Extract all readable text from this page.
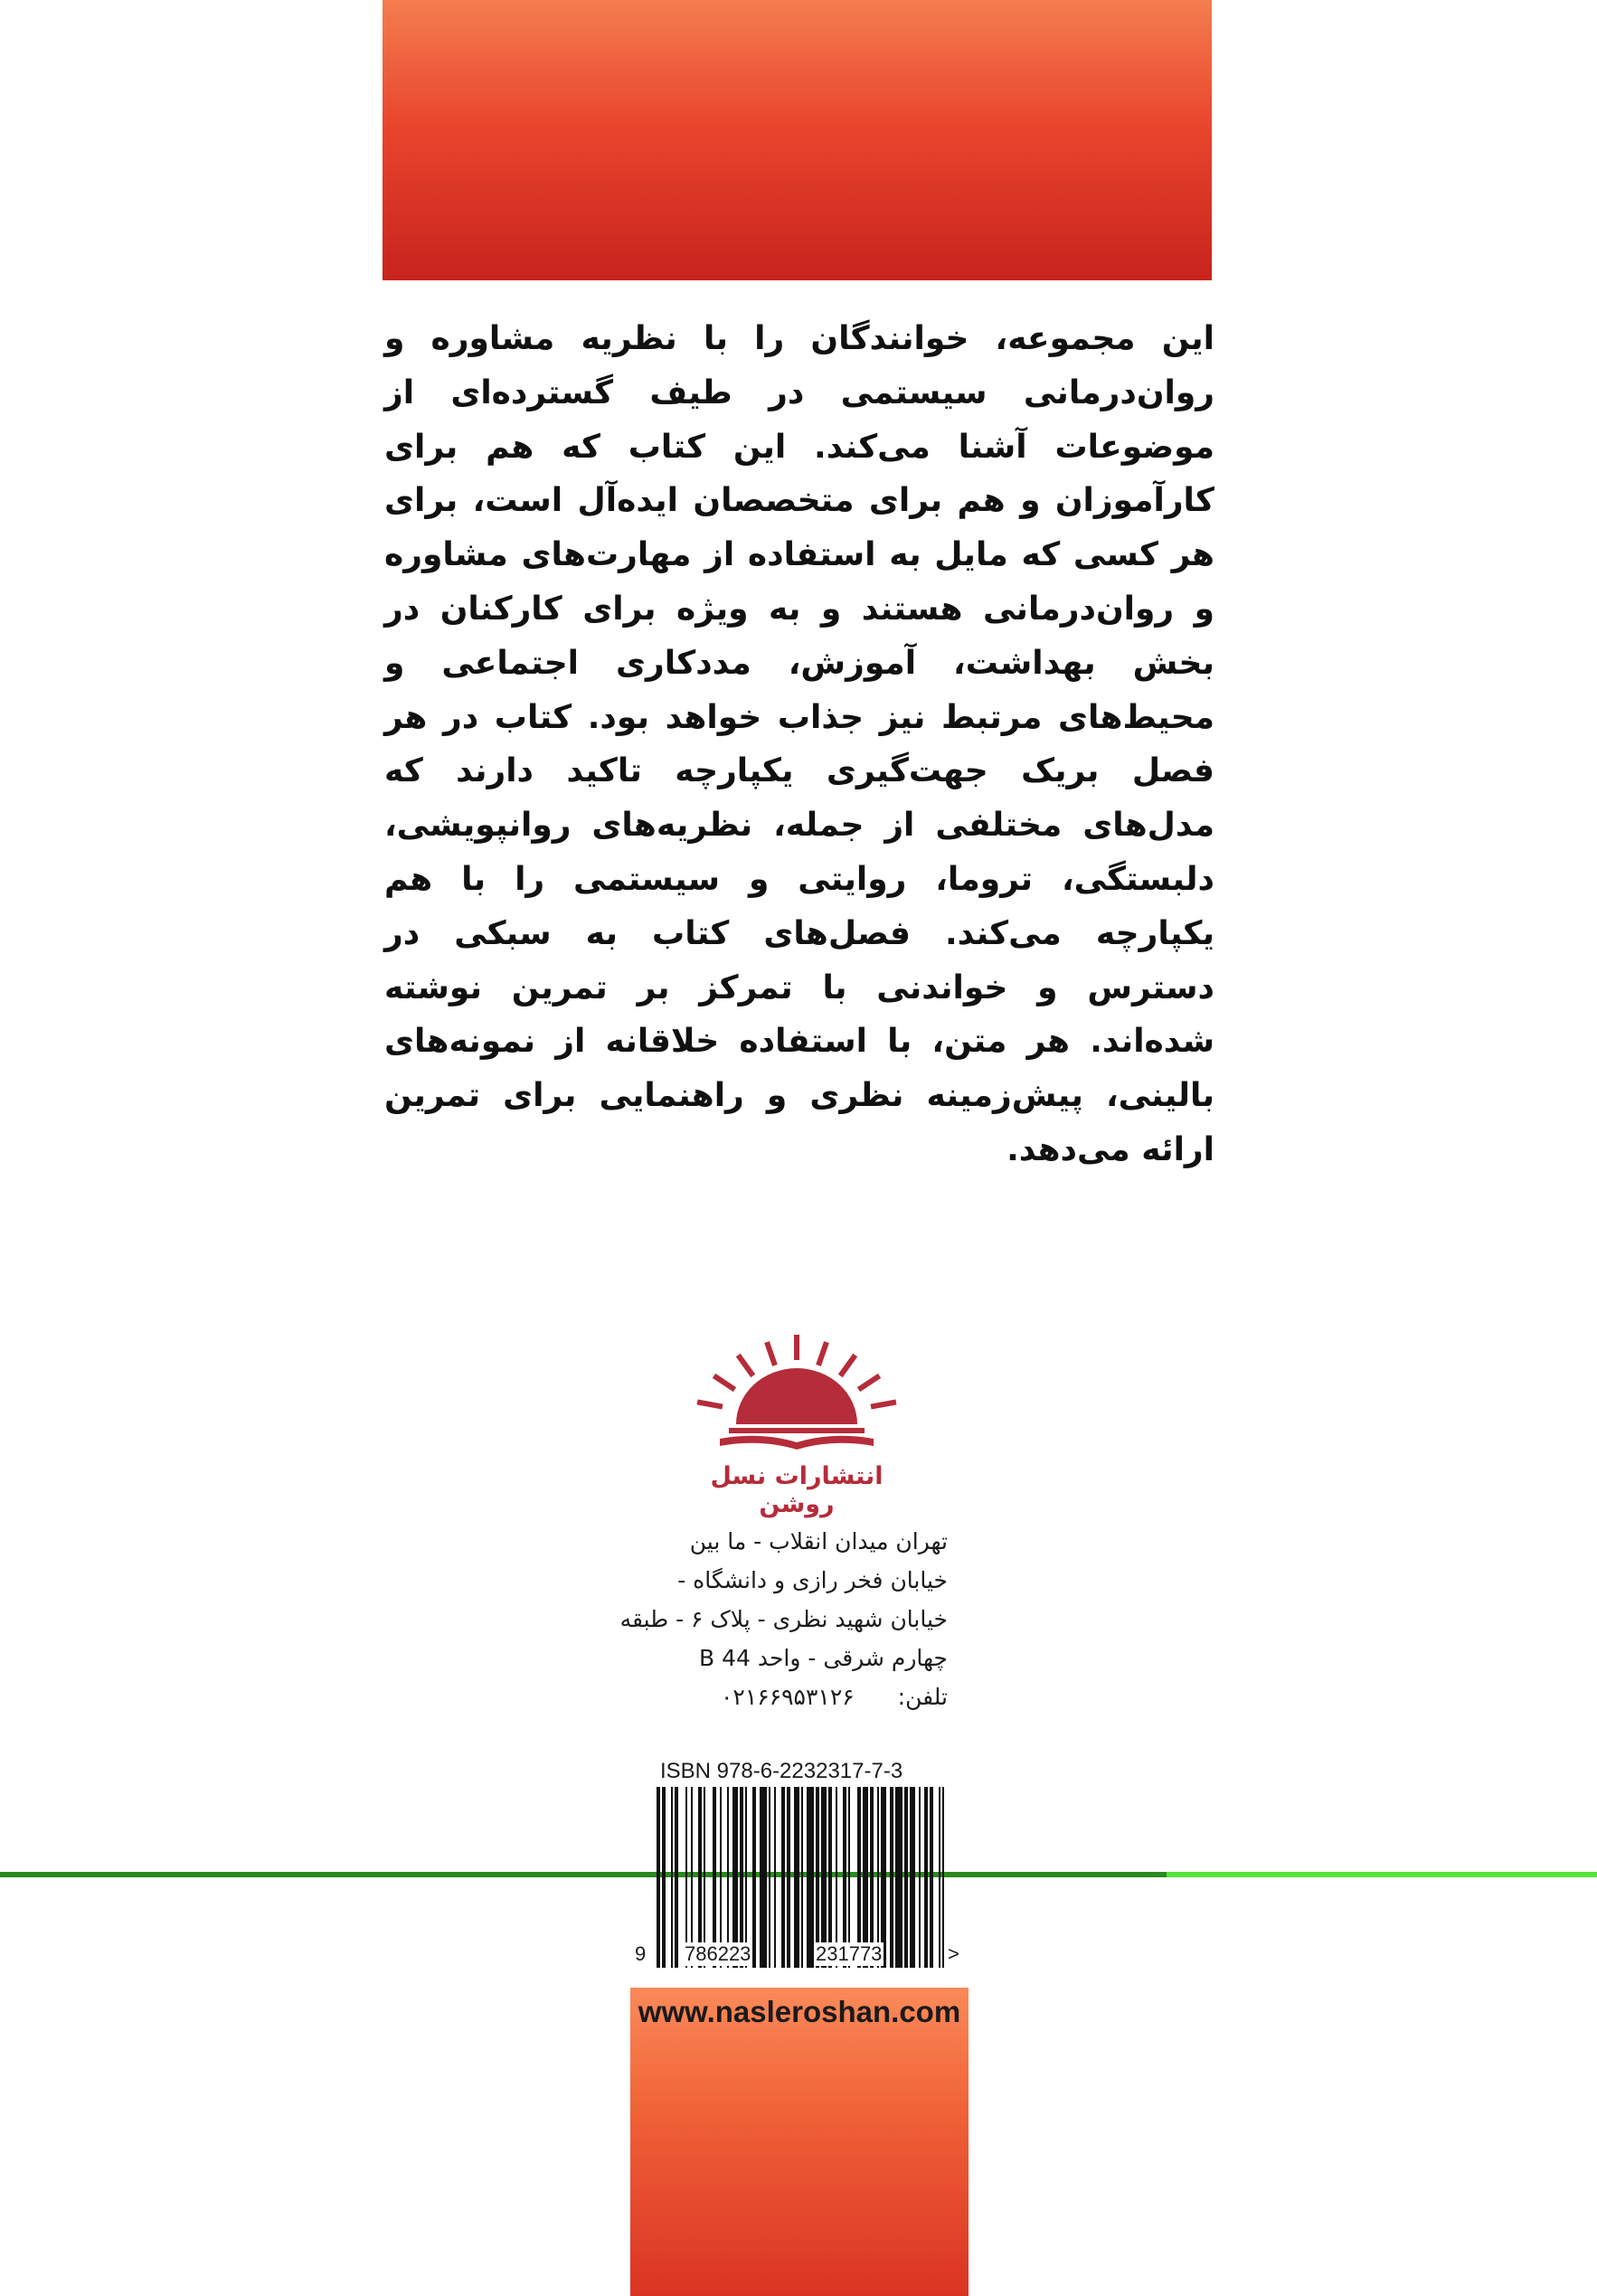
این مجموعه، خوانندگان را با نظریه مشاوره و روان‌درمانی سیستمی در طیف گسترده‌ای از موضوعات آشنا می‌کند. این کتاب که هم برای کارآموزان و هم برای متخصصان ایده‌آل است، برای هر کسی که مایل به استفاده از مهارت‌های مشاوره و روان‌درمانی هستند و به ویژه برای کارکنان در بخش بهداشت، آموزش، مددکاری اجتماعی و محیط‌های مرتبط نیز جذاب خواهد بود. کتاب در هر فصل بریک جهت‌گیری یکپارچه تاکید دارند که مدل‌های مختلفی از جمله، نظریه‌های روانپویشی، دلبستگی، تروما، روایتی و سیستمی را با هم یکپارچه می‌کند. فصل‌های کتاب به سبکی در دسترس و خواندنی با تمرکز بر تمرین نوشته شده‌اند. هر متن، با استفاده خلاقانه از نمونه‌های بالینی، پیش‌زمینه نظری و راهنمایی برای تمرین ارائه می‌دهد.

انتشارات نسل روشن
تهران میدان انقلاب - ما بین
خیابان فخر رازی و دانشگاه -
خیابان شهید نظری - پلاک ۶ - طبقه
چهارم شرقی - واحد 44 B
تلفن: ۰۲۱۶۶۹۵۳۱۲۶
ISBN 978-6-2232317-7-3
9 786223	231773	>
www.nasleroshan.com
